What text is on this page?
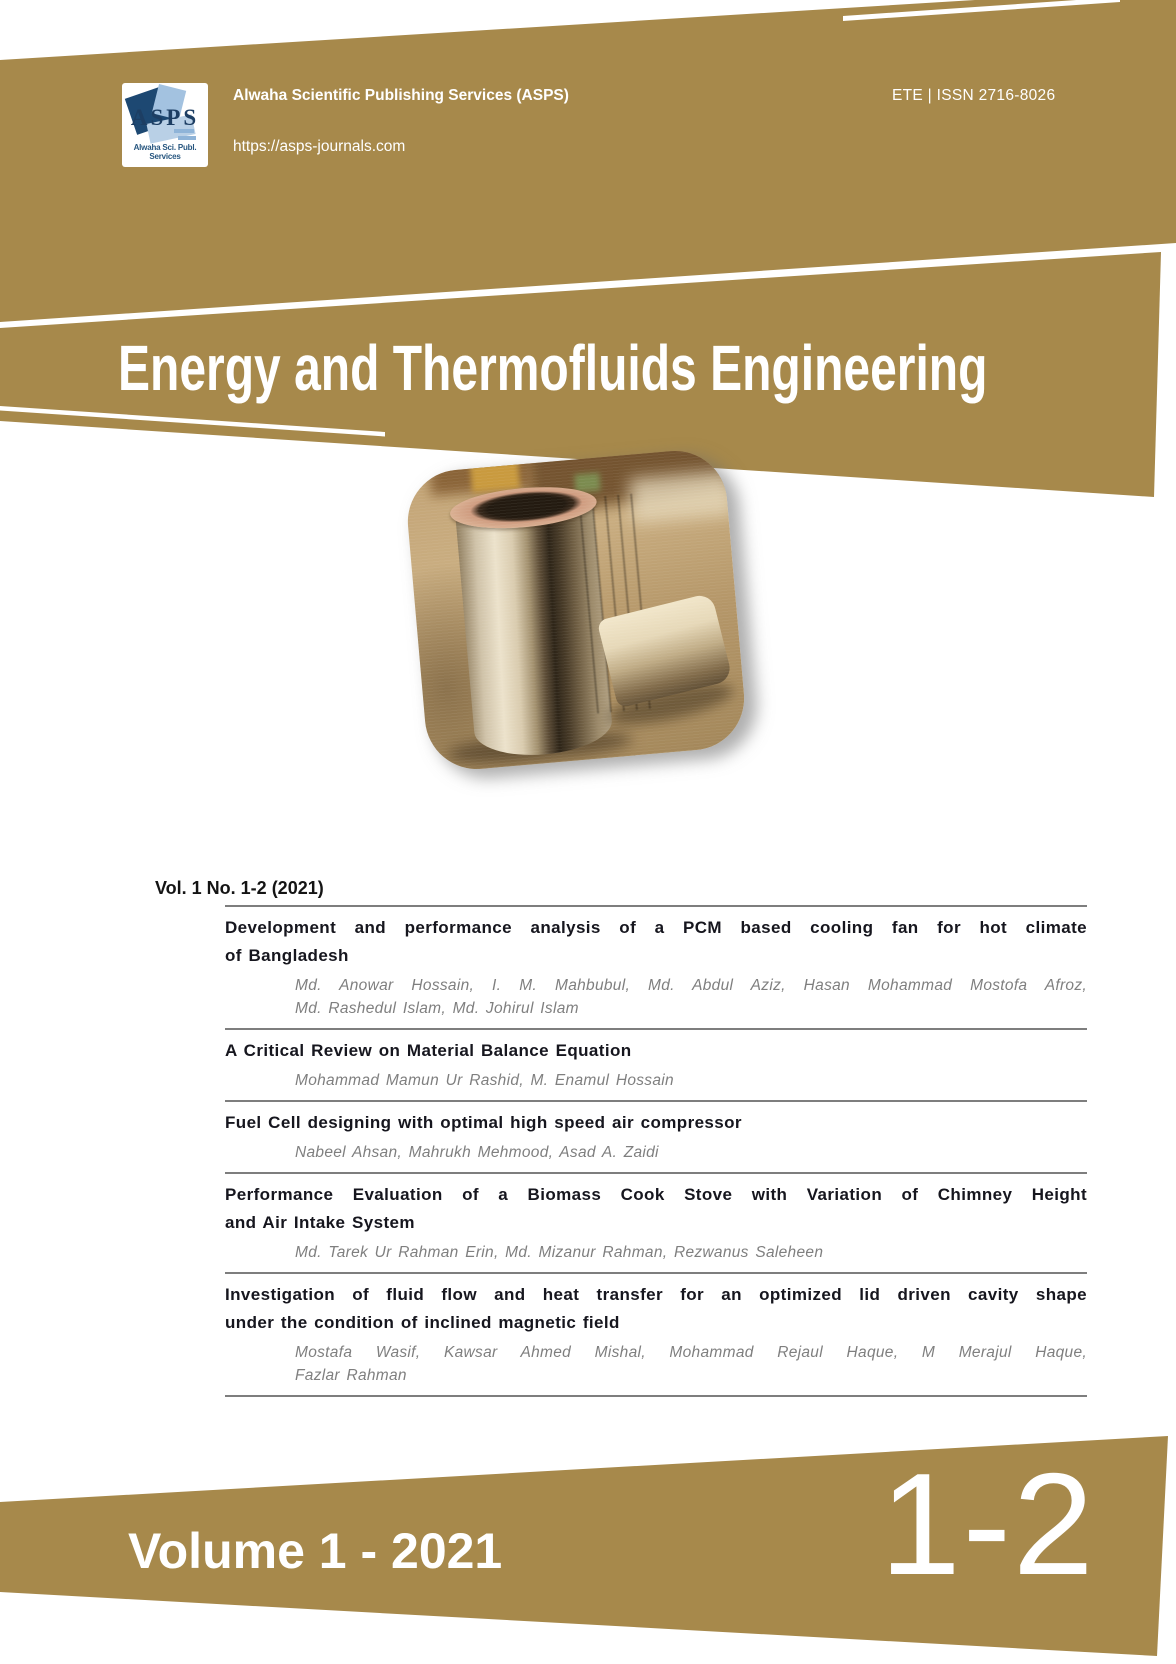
ASPS
Alwaha Sci. Publ. Services
Alwaha Scientific Publishing Services (ASPS)	ETE | ISSN 2716-8026
https://asps-journals.com
Energy and Thermofluids Engineering
Vol. 1 No. 1-2 (2021)
Development and performance analysis of a PCM based cooling fan for hot climate
of Bangladesh
Md. Anowar Hossain, I. M. Mahbubul, Md. Abdul Aziz, Hasan Mohammad Mostofa Afroz,
Md. Rashedul Islam, Md. Johirul Islam
A Critical Review on Material Balance Equation
Mohammad Mamun Ur Rashid, M. Enamul Hossain
Fuel Cell designing with optimal high speed air compressor
Nabeel Ahsan, Mahrukh Mehmood, Asad A. Zaidi
Performance Evaluation of a Biomass Cook Stove with Variation of Chimney Height
and Air Intake System
Md. Tarek Ur Rahman Erin, Md. Mizanur Rahman, Rezwanus Saleheen
Investigation of fluid flow and heat transfer for an optimized lid driven cavity shape
under the condition of inclined magnetic field
Mostafa Wasif, Kawsar Ahmed Mishal, Mohammad Rejaul Haque, M Merajul Haque,
Fazlar Rahman
Volume 1 - 2021	1-2
